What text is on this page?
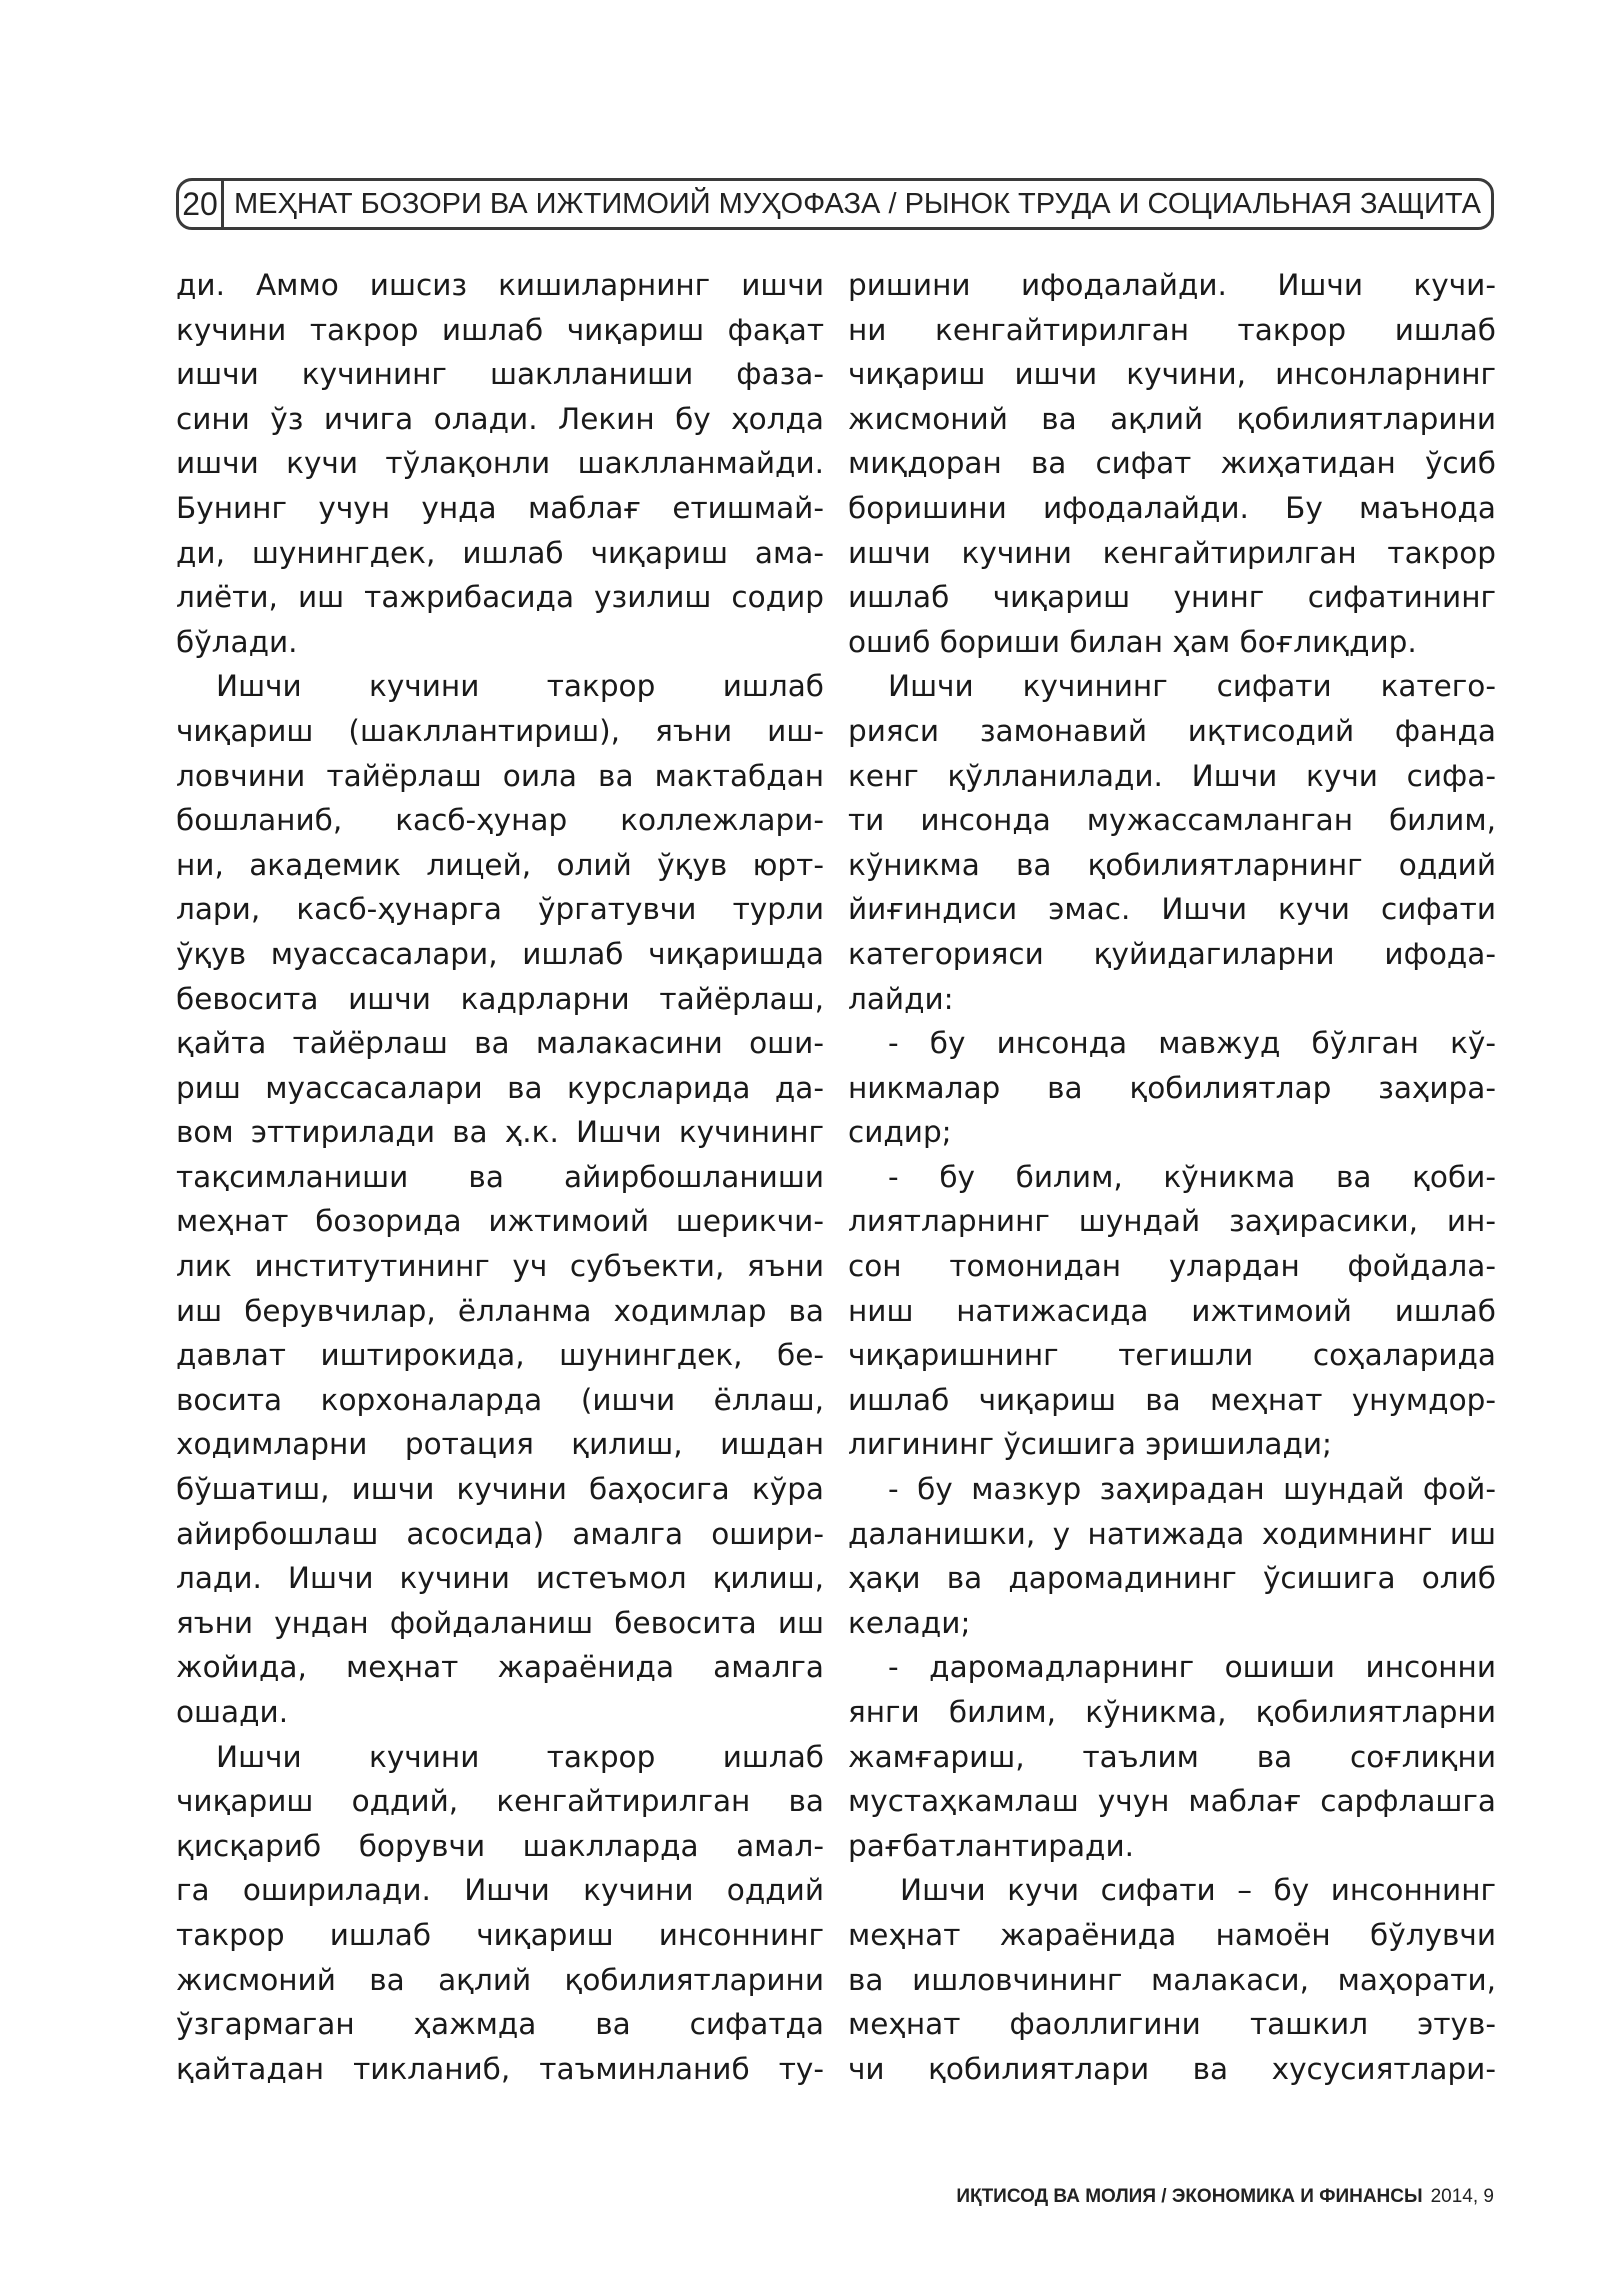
20 МЕҲНАТ БОЗОРИ ВА ИЖТИМОИЙ МУҲОФАЗА / РЫНОК ТРУДА И СОЦИАЛЬНАЯ ЗАЩИТА
ди. Аммо ишсиз кишиларнинг ишчи
кучини такрор ишлаб чиқариш фақат
ишчи кучининг шаклланиши фаза-
сини ўз ичига олади. Лекин бу ҳолда
ишчи кучи тўлақонли шаклланмайди.
Бунинг учун унда маблағ етишмай-
ди, шунингдек, ишлаб чиқариш ама-
лиёти, иш тажрибасида узилиш содир
бўлади.
Ишчи кучини такрор ишлаб
чиқариш (шакллантириш), яъни иш-
ловчини тайёрлаш оила ва мактабдан
бошланиб, касб-ҳунар коллежлари-
ни, академик лицей, олий ўқув юрт-
лари, касб-ҳунарга ўргатувчи турли
ўқув муассасалари, ишлаб чиқаришда
бевосита ишчи кадрларни тайёрлаш,
қайта тайёрлаш ва малакасини оши-
риш муассасалари ва курсларида да-
вом эттирилади ва ҳ.к. Ишчи кучининг
тақсимланиши ва айирбошланиши
меҳнат бозорида ижтимоий шерикчи-
лик институтининг уч субъекти, яъни
иш берувчилар, ёлланма ходимлар ва
давлат иштирокида, шунингдек, бе-
восита корхоналарда (ишчи ёллаш,
ходимларни ротация қилиш, ишдан
бўшатиш, ишчи кучини баҳосига кўра
айирбошлаш асосида) амалга ошири-
лади. Ишчи кучини истеъмол қилиш,
яъни ундан фойдаланиш бевосита иш
жойида, меҳнат жараёнида амалга
ошади.
Ишчи кучини такрор ишлаб
чиқариш оддий, кенгайтирилган ва
қисқариб борувчи шаклларда амал-
га оширилади. Ишчи кучини оддий
такрор ишлаб чиқариш инсоннинг
жисмоний ва ақлий қобилиятларини
ўзгармаган ҳажмда ва сифатда
қайтадан тикланиб, таъминланиб ту-
ришини ифодалайди. Ишчи кучи-
ни кенгайтирилган такрор ишлаб
чиқариш ишчи кучини, инсонларнинг
жисмоний ва ақлий қобилиятларини
миқдоран ва сифат жиҳатидан ўсиб
боришини ифодалайди. Бу маънода
ишчи кучини кенгайтирилган такрор
ишлаб чиқариш унинг сифатининг
ошиб бориши билан ҳам боғлиқдир.
Ишчи кучининг сифати катего-
рияси замонавий иқтисодий фанда
кенг қўлланилади. Ишчи кучи сифа-
ти инсонда мужассамланган билим,
кўникма ва қобилиятларнинг оддий
йиғиндиси эмас. Ишчи кучи сифати
категорияси қуйидагиларни ифода-
лайди:
- бу инсонда мавжуд бўлган кў-
никмалар ва қобилиятлар заҳира-
сидир;
- бу билим, кўникма ва қоби-
лиятларнинг шундай заҳирасики, ин-
сон томонидан улардан фойдала-
ниш натижасида ижтимоий ишлаб
чиқаришнинг тегишли соҳаларида
ишлаб чиқариш ва меҳнат унумдор-
лигининг ўсишига эришилади;
- бу мазкур заҳирадан шундай фой-
даланишки, у натижада ходимнинг иш
ҳақи ва даромадининг ўсишига олиб
келади;
- даромадларнинг ошиши инсонни
янги билим, кўникма, қобилиятларни
жамғариш, таълим ва соғлиқни
мустаҳкамлаш учун маблағ сарфлашга
рағбатлантиради.
Ишчи кучи сифати – бу инсоннинг
меҳнат жараёнида намоён бўлувчи
ва ишловчининг малакаси, маҳорати,
меҳнат фаоллигини ташкил этув-
чи қобилиятлари ва хусусиятлари-
ИҚТИСОД ВА МОЛИЯ / ЭКОНОМИКА И ФИНАНСЫ 2014, 9
